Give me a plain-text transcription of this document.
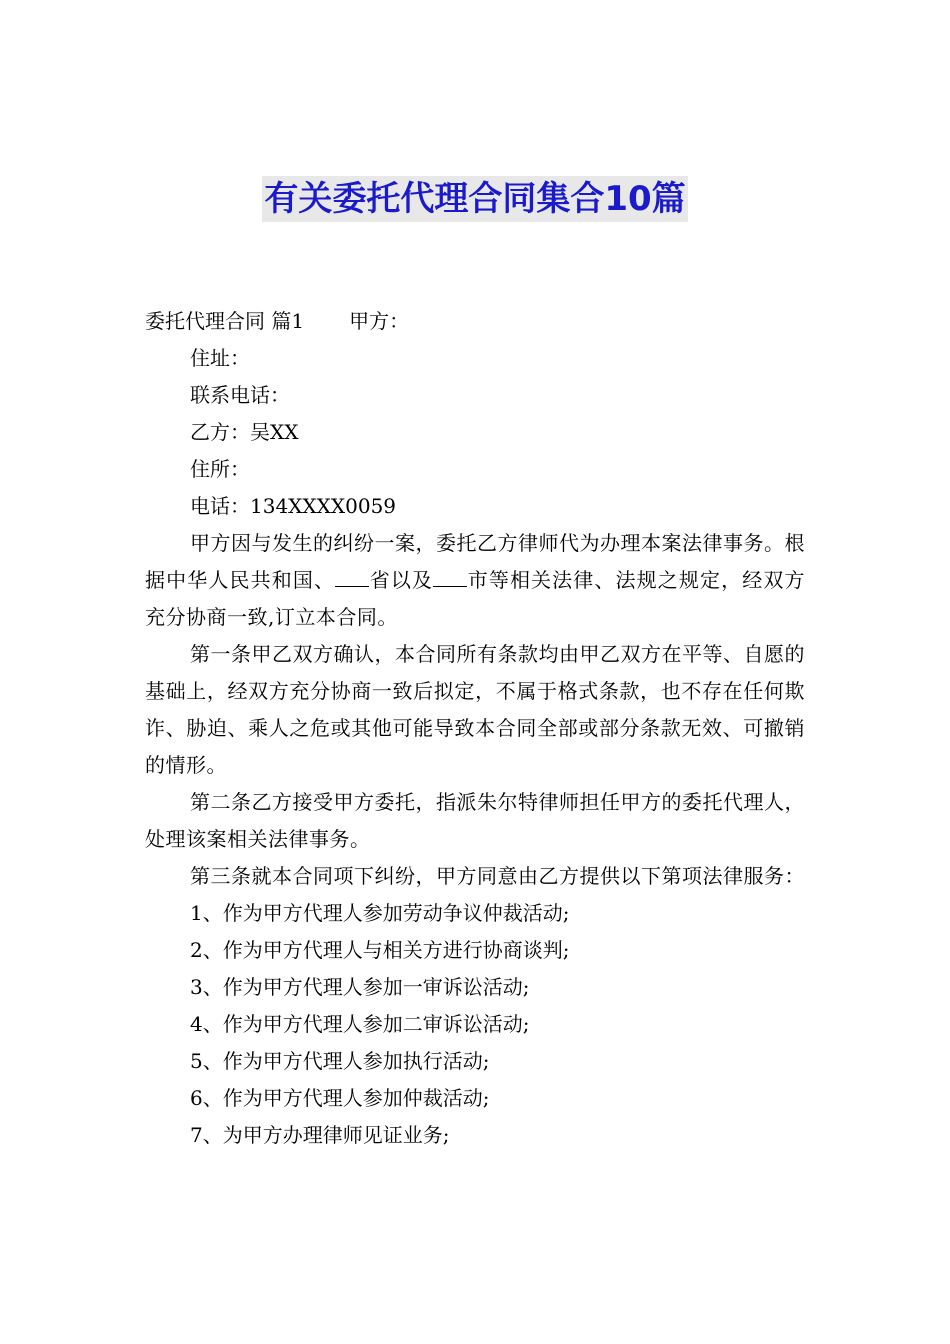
有关委托代理合同集合10篇

委托代理合同 篇1 甲方：

住址：

联系电话：

乙方：吴XX

住所：

电话：134XXXX0059

甲方因与发生的纠纷一案，委托乙方律师代为办理本案法律事务。根据中华人民共和国、 省以及 市等相关法律、法规之规定，经双方充分协商一致,订立本合同。

第一条甲乙双方确认，本合同所有条款均由甲乙双方在平等、自愿的基础上，经双方充分协商一致后拟定，不属于格式条款，也不存在任何欺诈、胁迫、乘人之危或其他可能导致本合同全部或部分条款无效、可撤销的情形。

第二条乙方接受甲方委托，指派朱尔特律师担任甲方的委托代理人，处理该案相关法律事务。

第三条就本合同项下纠纷，甲方同意由乙方提供以下第项法律服务：

1、作为甲方代理人参加劳动争议仲裁活动;

2、作为甲方代理人与相关方进行协商谈判;

3、作为甲方代理人参加一审诉讼活动;

4、作为甲方代理人参加二审诉讼活动;

5、作为甲方代理人参加执行活动;

6、作为甲方代理人参加仲裁活动;

7、为甲方办理律师见证业务;
